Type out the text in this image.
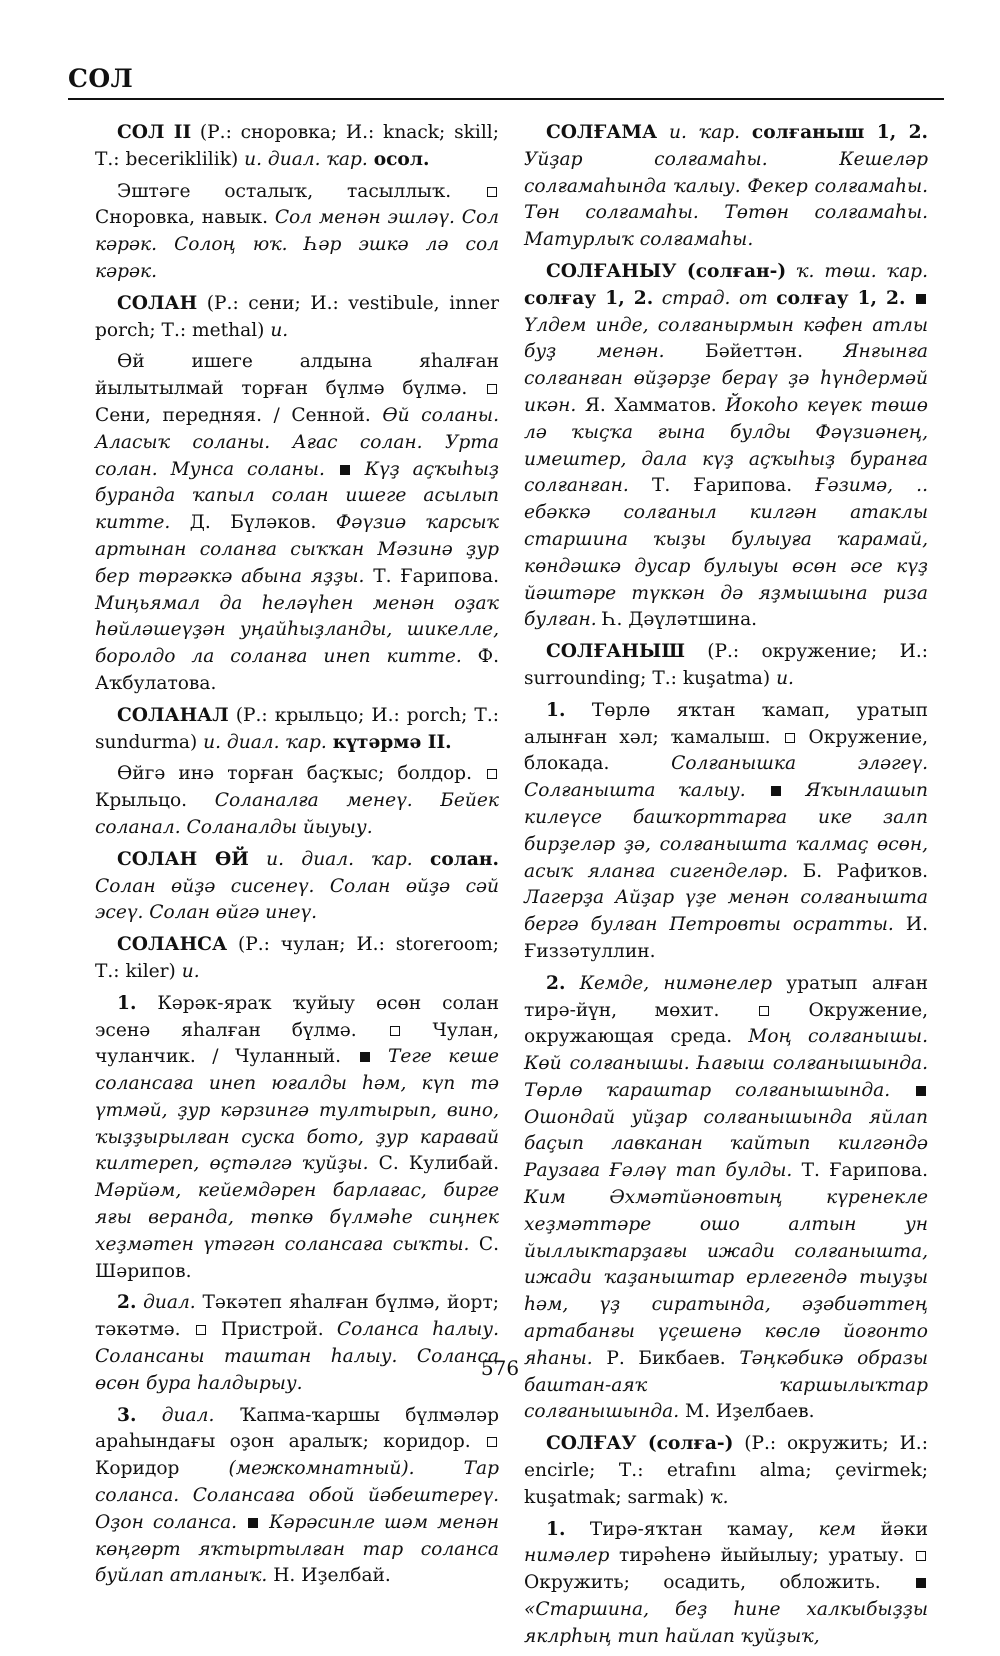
СОЛ

СОЛ II (Р.: сноровка; И.: knack; skill; Т.: beceriklilik) и. диал. ҡар. осол.

Эштәге осталыҡ, тасыллыҡ.  Сноровка, навык. Сол менән эшләү. Сол кәрәк. Солоң юҡ. Һәр эшкә лә сол кәрәк.

СОЛАН (Р.: сени; И.: vestibule, inner porch; Т.: methal) и.

Өй ишеге алдына яһалған йылытылмай торған бүлмә бүлмә.  Сени, передняя. / Сенной. Өй соланы. Аласыҡ соланы. Ағас солан. Урта солан. Мунса соланы.  Күҙ аҫҡыһыҙ буранда ҡапыл солан ишеге асылып китте. Д. Бүләков. Фәүзиә ҡарсыҡ артынан соланға сыҡҡан Мәзинә ҙур бер төргәккә абына яҙҙы. Т. Ғарипова. Миңьямал да һеләүһен менән оҙаҡ һөйләшеүҙән уңайһыҙланды, шикелле, боролдо ла соланға инеп китте. Ф. Аҡбулатова.

СОЛАНАЛ (Р.: крыльцо; И.: porch; Т.: sundurma) и. диал. ҡар. күтәрмә II.

Өйгә инә торған баҫҡыс; болдор.  Крыльцо. Соланалға менеү. Бейек соланал. Соланалды йыуыу.

СОЛАН ӨЙ и. диал. ҡар. солан. Солан өйҙә сисенеү. Солан өйҙә сәй эсеү. Солан өйгә инеү.

СОЛАНСА (Р.: чулан; И.: storeroom; Т.: kiler) и.

1. Кәрәк-яраҡ ҡуйыу өсөн солан эсенә яһалған бүлмә.  Чулан, чуланчик. / Чуланный.  Теге кеше солансаға инеп юғалды һәм, күп тә үтмәй, ҙур кәрзингә тултырып, вино, ҡыҙҙырылған суска бото, ҙур каравай килтереп, өҫтәлгә ҡуйҙы. С. Кулибай. Мәрйәм, кейемдәрен барлағас, бирге яғы веранда, төпкө бүлмәһе сиңнек хеҙмәтен үтәгән солансаға сыҡты. С. Шәрипов.

2. диал. Тәкәтеп яһалған бүлмә, йорт; тәкәтмә.  Пристрой. Соланса һалыу. Солансаны таштан һалыу. Соланса өсөн бура һалдырыу.

3. диал. Ҡапма-ҡаршы бүлмәләр араһындағы оҙон аралыҡ; коридор.  Коридор (межкомнатный). Тар соланса. Солансаға обой йәбештереү. Оҙон соланса.  Кәрәсинле шәм менән көңгөрт яҡтыртылған тар соланса буйлап атланыҡ. Н. Иҙелбай.

СОЛҒАМА и. ҡар. солғаныш 1, 2. Уйҙар солғамаһы. Кешеләр солғамаһында ҡалыу. Фекер солғамаһы. Төн солғамаһы. Төтөн солғамаһы. Матурлыҡ солғамаһы.

СОЛҒАНЫУ (солған-) ҡ. төш. ҡар. солғау 1, 2. страд. от солғау 1, 2.  Үлдем инде, солғанырмын кәфен атлы буҙ менән. Бәйеттән. Янғынға солғанған өйҙәрҙе бераү ҙә һүндермәй икән. Я. Хамматов. Йокоһо кеүек төшө лә ҡыҫҡа ғына булды Фәүзиәнең, имештер, дала күҙ аҫҡыһыҙ буранға солғанған. Т. Ғарипова. Ғәзимә, .. ебәккә солғаныл килгән атаклы старшина ҡыҙы булыуға ҡарамай, көндәшкә дусар булыуы өсөн әсе күҙ йәштәре түккән дә яҙмышына риза булған. Һ. Дәүләтшина.

СОЛҒАНЫШ (Р.: окружение; И.: surrounding; Т.: kuşatma) и.

1. Төрлө яҡтан ҡамап, уратып алынған хәл; ҡамалыш.  Окружение, блокада. Солғанышка эләгеү. Солғанышта ҡалыу.  Яҡынлашып килеүсе башҡорттарға ике залп бирҙеләр ҙә, солғанышта ҡалмаҫ өсөн, асыҡ яланға сигенделәр. Б. Рафиҡов. Лагерҙа Айҙар үҙе менән солғанышта бергә булған Петровты осратты. И. Ғиззәтуллин.

2. Кемде, нимәнелер уратып алған тирә-йүн, мөхит.  Окружение, окружающая среда. Моң солғанышы. Көй солғанышы. Һағыш солғанышында. Төрлө ҡараштар солғанышында.  Ошондай уйҙар солғанышында яйлап баҫып лавканан ҡайтып килгәндә Раузаға Ғәләү тап булды. Т. Ғарипова. Ким Әхмәтйәновтың күренекле хеҙмәттәре ошо алтын ун йыллыктарҙағы ижади солғанышта, ижади ҡаҙаныштар ерлегендә тыуҙы һәм, үҙ сиратында, әҙәбиәттең артабанғы үҫешенә көслө йоғонто яһаны. Р. Бикбаев. Тәңкәбикә образы баштан-аяҡ ҡаршылыҡтар солғанышында. М. Иҙелбаев.

СОЛҒАУ (солға-) (Р.: окружить; И.: encirle; Т.: etrafını alma; çevirmek; kuşatmak; sarmak) ҡ.

1. Тирә-яҡтан ҡамау, кем йәки нимәлер тирәһенә йыйылыу; уратыу.  Окружить; осадить, обложить.  «Старшина, беҙ һине халкыбыҙҙы яклрһың тип һайлап ҡуйҙыҡ,

576
